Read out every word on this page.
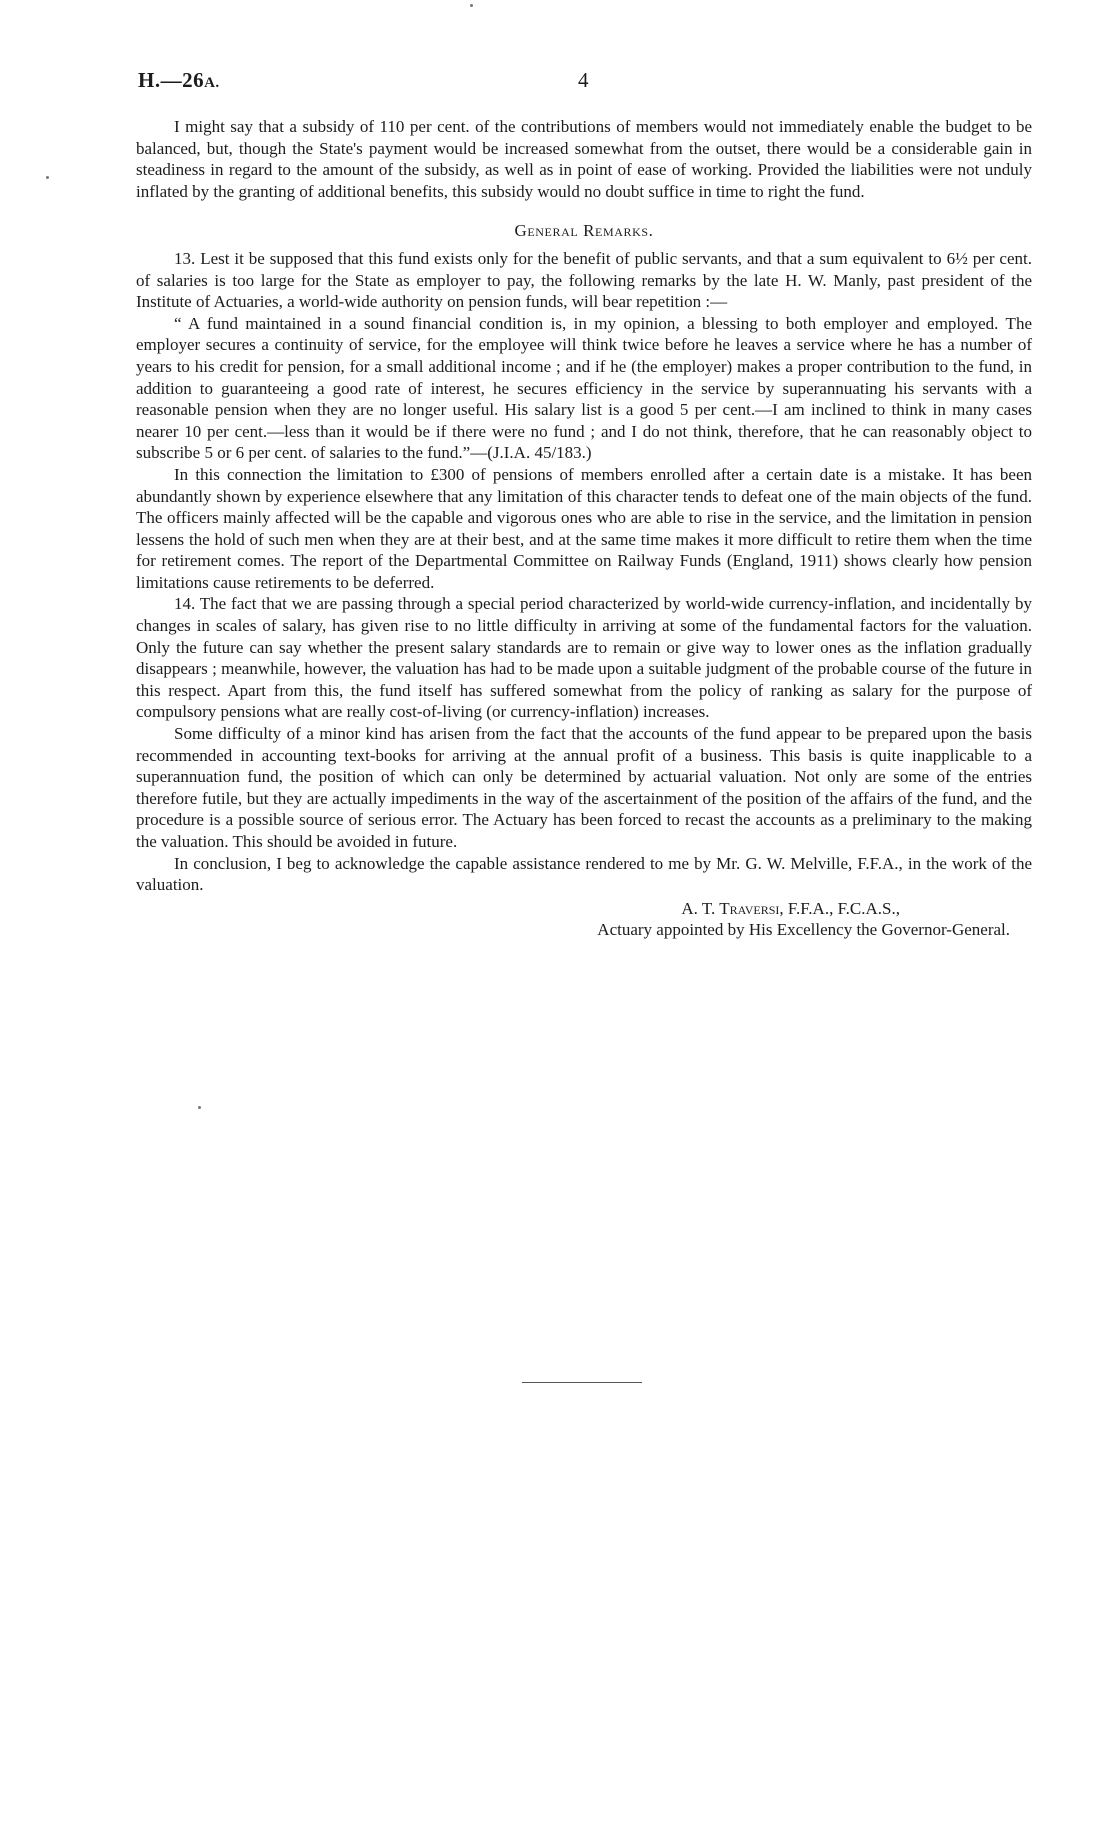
H.—26A.	4

I might say that a subsidy of 110 per cent. of the contributions of members would not immediately enable the budget to be balanced, but, though the State's payment would be increased somewhat from the outset, there would be a considerable gain in steadiness in regard to the amount of the subsidy, as well as in point of ease of working. Provided the liabilities were not unduly inflated by the granting of additional benefits, this subsidy would no doubt suffice in time to right the fund.

General Remarks.

13. Lest it be supposed that this fund exists only for the benefit of public servants, and that a sum equivalent to 6½ per cent. of salaries is too large for the State as employer to pay, the following remarks by the late H. W. Manly, past president of the Institute of Actuaries, a world-wide authority on pension funds, will bear repetition :—

“ A fund maintained in a sound financial condition is, in my opinion, a blessing to both employer and employed. The employer secures a continuity of service, for the employee will think twice before he leaves a service where he has a number of years to his credit for pension, for a small additional income ; and if he (the employer) makes a proper contribution to the fund, in addition to guaranteeing a good rate of interest, he secures efficiency in the service by superannuating his servants with a reasonable pension when they are no longer useful. His salary list is a good 5 per cent.—I am inclined to think in many cases nearer 10 per cent.—less than it would be if there were no fund ; and I do not think, therefore, that he can reasonably object to subscribe 5 or 6 per cent. of salaries to the fund.”—(J.I.A. 45/183.)

In this connection the limitation to £300 of pensions of members enrolled after a certain date is a mistake. It has been abundantly shown by experience elsewhere that any limitation of this character tends to defeat one of the main objects of the fund. The officers mainly affected will be the capable and vigorous ones who are able to rise in the service, and the limitation in pension lessens the hold of such men when they are at their best, and at the same time makes it more difficult to retire them when the time for retirement comes. The report of the Departmental Committee on Railway Funds (England, 1911) shows clearly how pension limitations cause retirements to be deferred.

14. The fact that we are passing through a special period characterized by world-wide currency-inflation, and incidentally by changes in scales of salary, has given rise to no little difficulty in arriving at some of the fundamental factors for the valuation. Only the future can say whether the present salary standards are to remain or give way to lower ones as the inflation gradually disappears ; meanwhile, however, the valuation has had to be made upon a suitable judgment of the probable course of the future in this respect. Apart from this, the fund itself has suffered somewhat from the policy of ranking as salary for the purpose of compulsory pensions what are really cost-of-living (or currency-inflation) increases.

Some difficulty of a minor kind has arisen from the fact that the accounts of the fund appear to be prepared upon the basis recommended in accounting text-books for arriving at the annual profit of a business. This basis is quite inapplicable to a superannuation fund, the position of which can only be determined by actuarial valuation. Not only are some of the entries therefore futile, but they are actually impediments in the way of the ascertainment of the position of the affairs of the fund, and the procedure is a possible source of serious error. The Actuary has been forced to recast the accounts as a preliminary to the making the valuation. This should be avoided in future.

In conclusion, I beg to acknowledge the capable assistance rendered to me by Mr. G. W. Melville, F.F.A., in the work of the valuation.

A. T. Traversi, F.F.A., F.C.A.S.,
Actuary appointed by His Excellency the Governor-General.
